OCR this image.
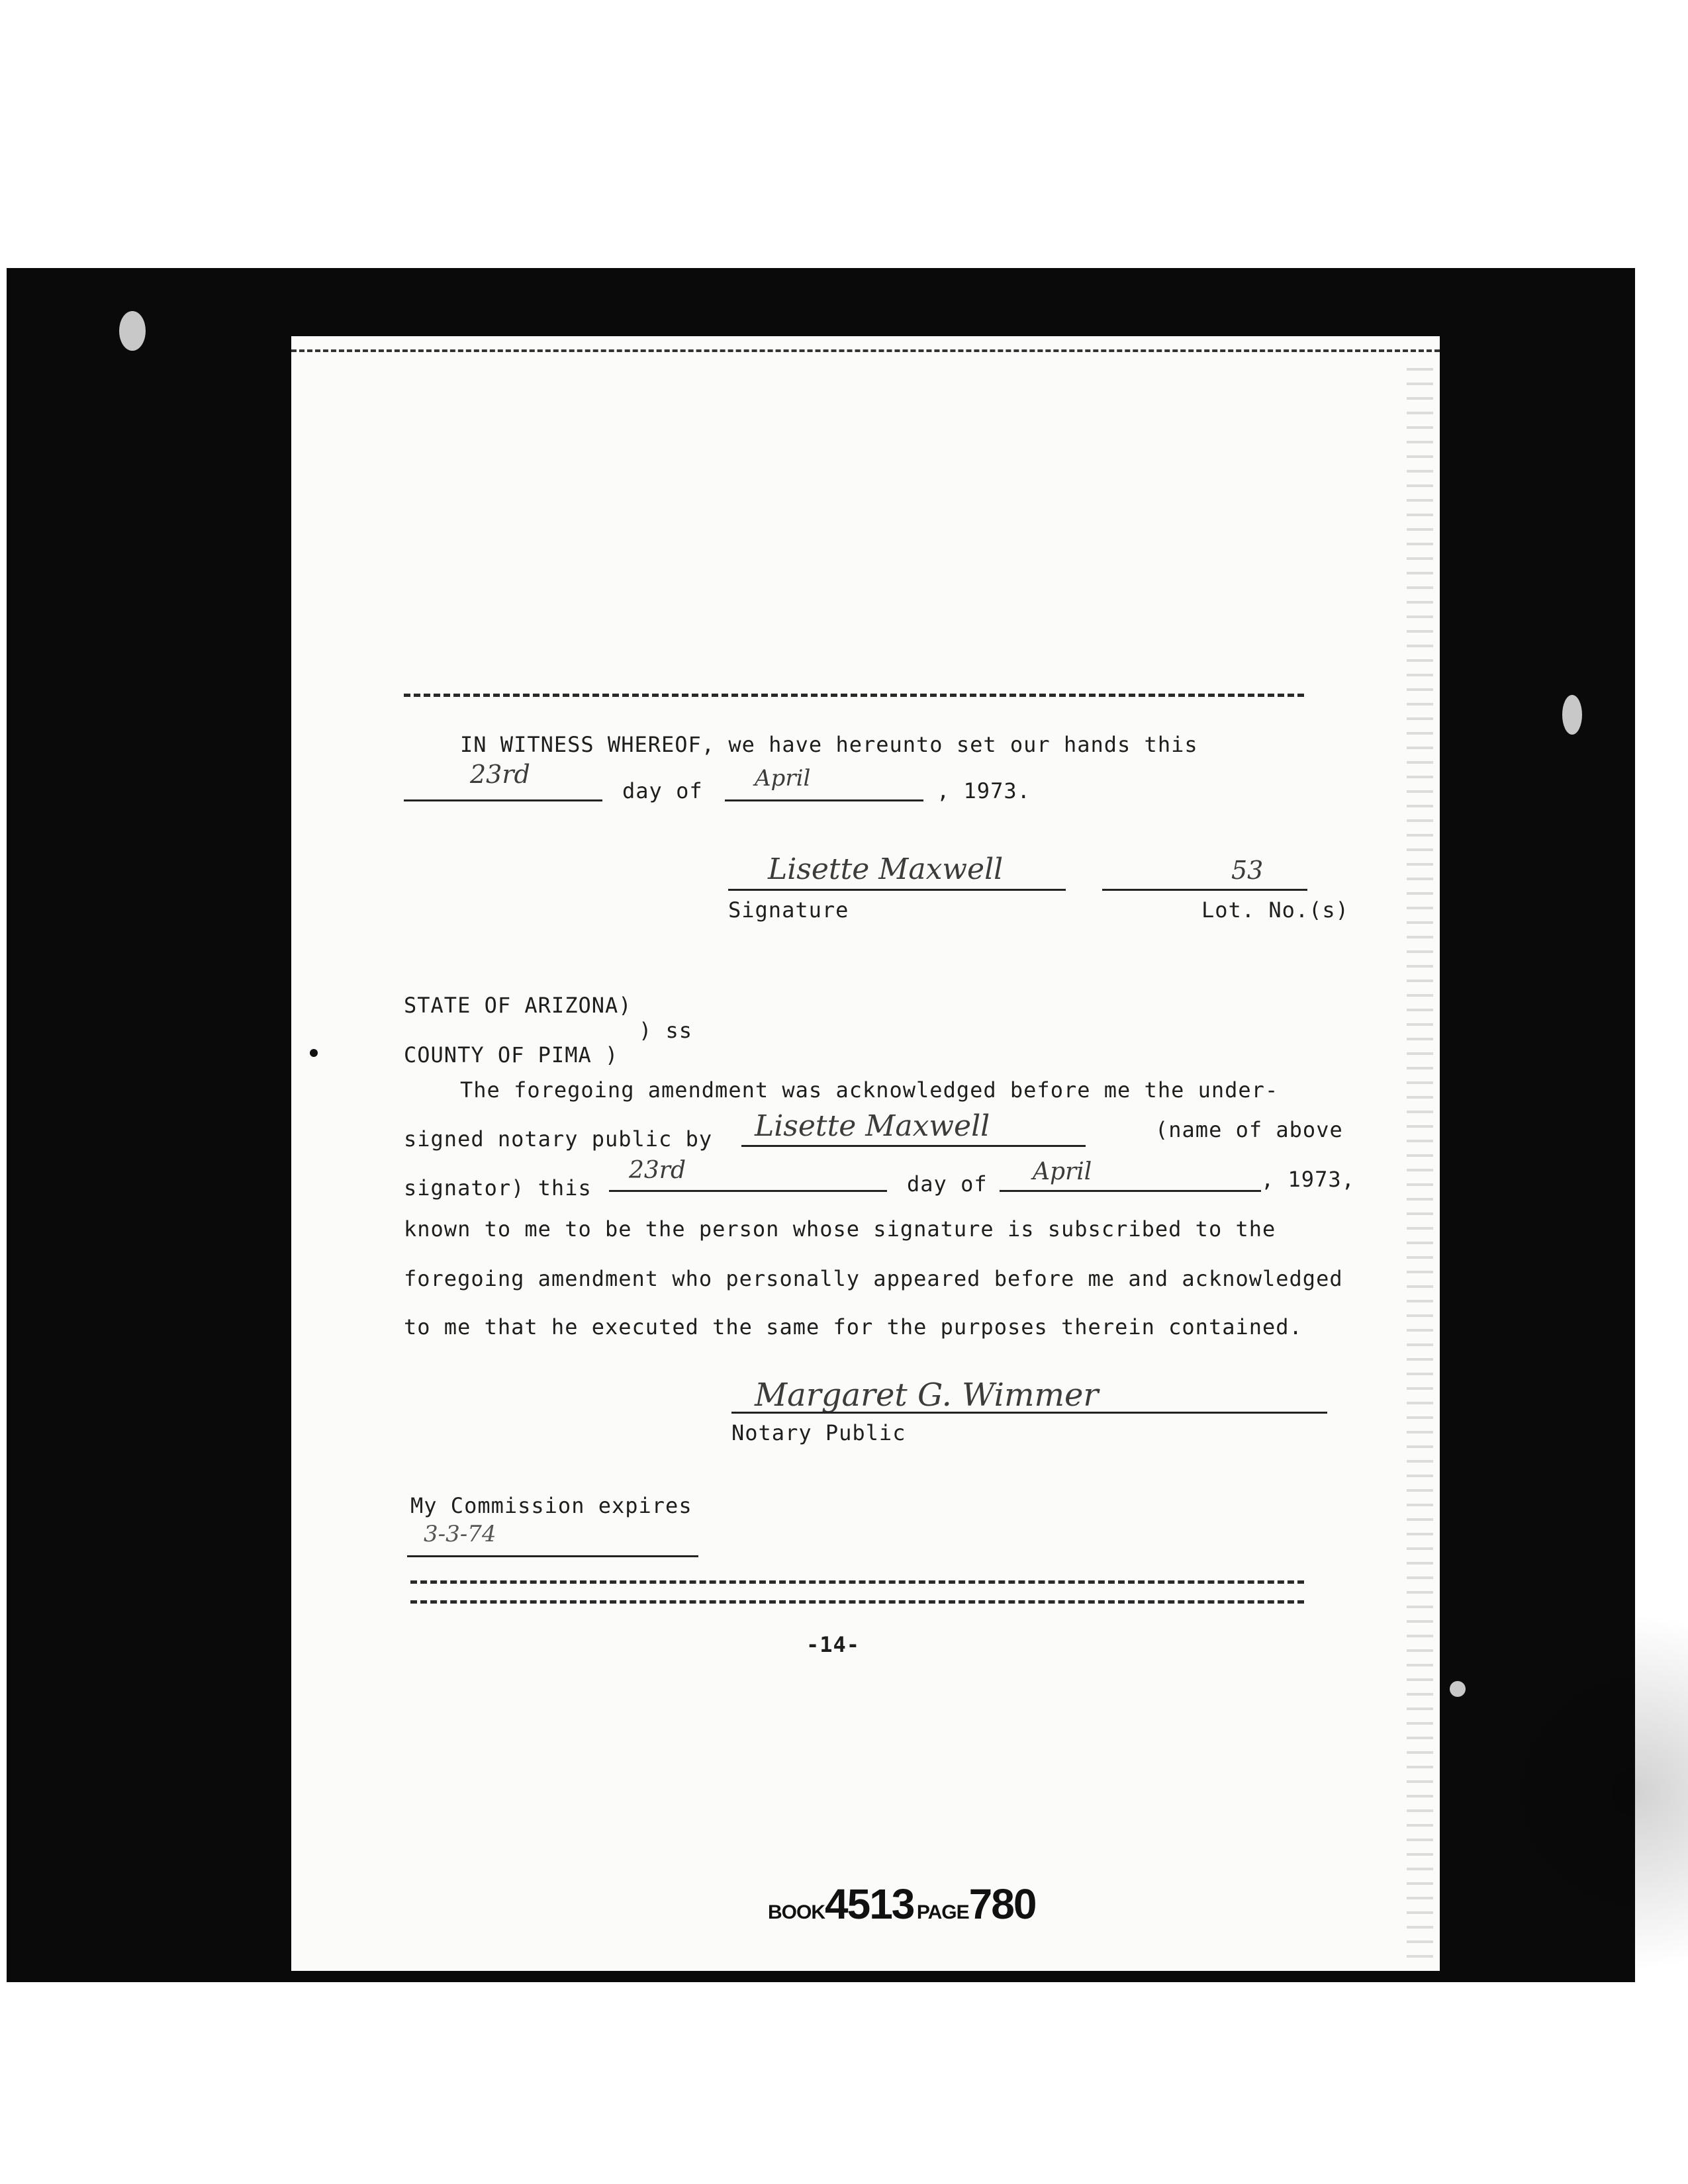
IN WITNESS WHEREOF, we have hereunto set our hands this
23rd
day of April	, 1973.
Lisette Maxwell	53
Signature	Lot. No.(s)
STATE OF ARIZONA)
) ss
COUNTY OF PIMA )
The foregoing amendment was acknowledged before me the under-
signed notary public by Lisette Maxwell	(name of above
signator) this
23rd	day of April	, 1973,
known to me to be the person whose signature is subscribed to the
foregoing amendment who personally appeared before me and acknowledged
to me that he executed the same for the purposes therein contained.
Margaret G. Wimmer
Notary Public
My Commission expires
3-3-74
-14-
BOOK4513 PAGE780
